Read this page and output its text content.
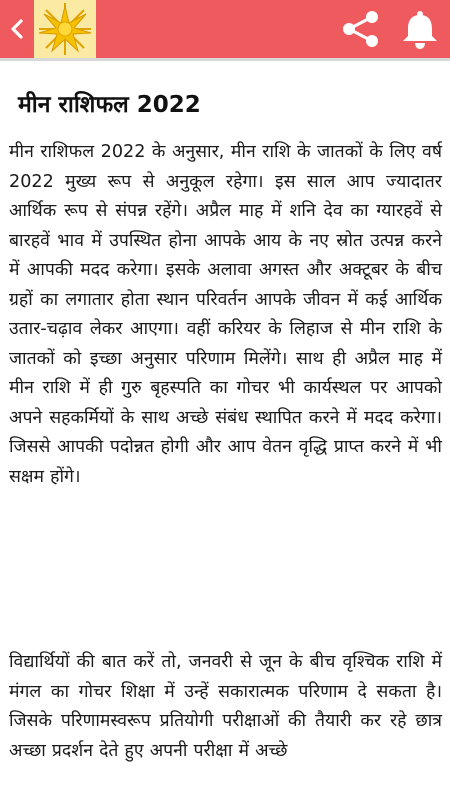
मीन राशिफल 2022

मीन राशिफल 2022 के अनुसार, मीन राशि के जातकों के लिए वर्ष 2022 मुख्य रूप से अनुकूल रहेगा। इस साल आप ज्यादातर आर्थिक रूप से संपन्न रहेंगे। अप्रैल माह में शनि देव का ग्यारहवें से बारहवें भाव में उपस्थित होना आपके आय के नए स्रोत उत्पन्न करने में आपकी मदद करेगा। इसके अलावा अगस्त और अक्टूबर के बीच ग्रहों का लगातार होता स्थान परिवर्तन आपके जीवन में कई आर्थिक उतार-चढ़ाव लेकर आएगा। वहीं करियर के लिहाज से मीन राशि के जातकों को इच्छा अनुसार परिणाम मिलेंगे। साथ ही अप्रैल माह में मीन राशि में ही गुरु बृहस्पति का गोचर भी कार्यस्थल पर आपको अपने सहकर्मियों के साथ अच्छे संबंध स्थापित करने में मदद करेगा। जिससे आपकी पदोन्नत होगी और आप वेतन वृद्धि प्राप्त करने में भी सक्षम होंगे।

विद्यार्थियों की बात करें तो, जनवरी से जून के बीच वृश्चिक राशि में मंगल का गोचर शिक्षा में उन्हें सकारात्मक परिणाम दे सकता है। जिसके परिणामस्वरूप प्रतियोगी परीक्षाओं की तैयारी कर रहे छात्र अच्छा प्रदर्शन देते हुए अपनी परीक्षा में अच्छे
